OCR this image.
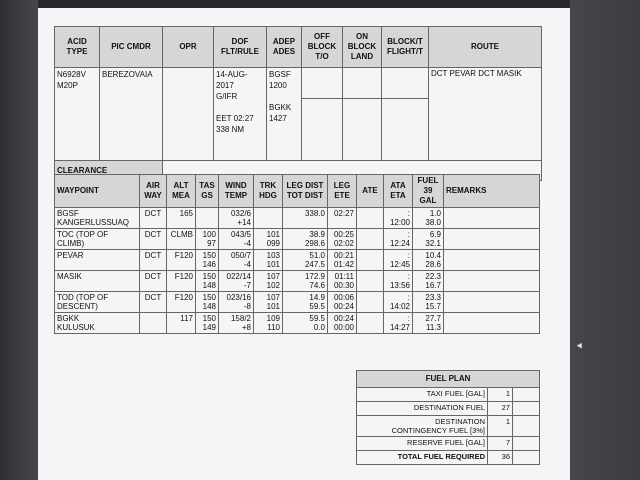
ACID TYPE	PIC CMDR	OPR	DOF FLT/RULE	ADEP ADES	OFF BLOCK T/O	ON BLOCK LAND	BLOCK/T FLIGHT/T	ROUTE

N6928V
M20P	BEREZOVAIA		14-AUG-2017
G/IFR

EET 02:27
338 NM	BGSF
1200

BGKK
1427				DCT PEVAR DCT MASIK
CLEARANCE								
WAYPOINT	AIR WAY	ALT MEA	TAS GS	WIND TEMP	TRK HDG	LEG DIST TOT DIST	LEG ETE	ATE	ATA ETA	FUEL 39 GAL	REMARKS

BGSF
KANGERLUSSUAQ	DCT	165		032/6
+14		338.0	02:27		:
12:00	1.0
38.0	

TOC (TOP OF
CLIMB)	DCT	CLMB	100
97	043/5
-4	101
099	38.9
298.6	00:25
02:02		:
12:24	6.9
32.1	

PEVAR	DCT	F120	150
146	050/7
-4	103
101	51.0
247.5	00:21
01:42		:
12:45	10.4
28.6	

MASIK	DCT	F120	150
148	022/14
-7	107
102	172.9
74.6	01:11
00:30		:
13:56	22.3
16.7	

TOD (TOP OF
DESCENT)	DCT	F120	150
148	023/16
-8	107
101	14.9
59.5	00:06
00:24		:
14:02	23.3
15.7	

BGKK
KULUSUK		117	150
149	158/2
+8	109
110	59.5
0.0	00:24
00:00		:
14:27	27.7
11.3	

FUEL PLAN		
TAXI FUEL [GAL]	1	
DESTINATION FUEL	27	

DESTINATION
CONTINGENCY FUEL [3%]	1	
RESERVE FUEL [GAL]	7	
TOTAL FUEL REQUIRED	36	
